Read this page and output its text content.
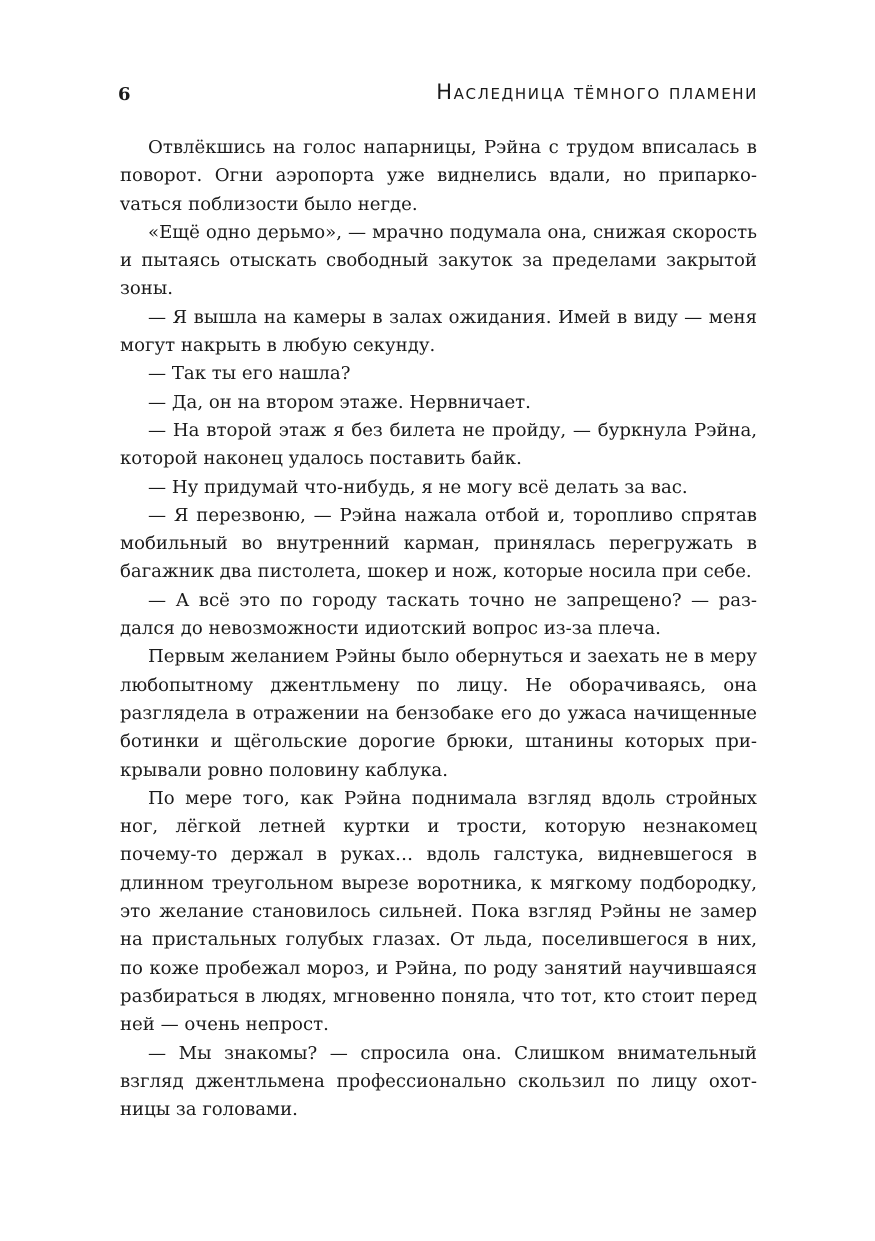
6	Наследница тёмного пламени

Отвлёкшись на голос напарницы, Рэйна с трудом вписалась в поворот. Огни аэропорта уже виднелись вдали, но припаркоvаться поблизости было негде.

«Ещё одно дерьмо», — мрачно подумала она, снижая скорость и пытаясь отыскать свободный закуток за пределами закрытой зоны.

— Я вышла на камеры в залах ожидания. Имей в виду — меня могут накрыть в любую секунду.

— Так ты его нашла?

— Да, он на втором этаже. Нервничает.

— На второй этаж я без билета не пройду, — буркнула Рэйна, которой наконец удалось поставить байк.

— Ну придумай что-нибудь, я не могу всё делать за вас.

— Я перезвоню, — Рэйна нажала отбой и, торопливо спрятав мобильный во внутренний карман, принялась перегружать в багажник два пистолета, шокер и нож, которые носила при себе.

— А всё это по городу таскать точно не запрещено? — раздался до невозможности идиотский вопрос из-за плеча.

Первым желанием Рэйны было обернуться и заехать не в меру любопытному джентльмену по лицу. Не оборачиваясь, она разглядела в отражении на бензобаке его до ужаса начищенные ботинки и щёгольские дорогие брюки, штанины которых прикрывали ровно половину каблука.

По мере того, как Рэйна поднимала взгляд вдоль стройных ног, лёгкой летней куртки и трости, которую незнакомец почему-то держал в руках… вдоль галстука, видневшегося в длинном треугольном вырезе воротника, к мягкому подбородку, это желание становилось сильней. Пока взгляд Рэйны не замер на пристальных голубых глазах. От льда, поселившегося в них, по коже пробежал мороз, и Рэйна, по роду занятий научившаяся разбираться в людях, мгновенно поняла, что тот, кто стоит перед ней — очень непрост.

— Мы знакомы? — спросила она. Слишком внимательный взгляд джентльмена профессионально скользил по лицу охотницы за головами.
